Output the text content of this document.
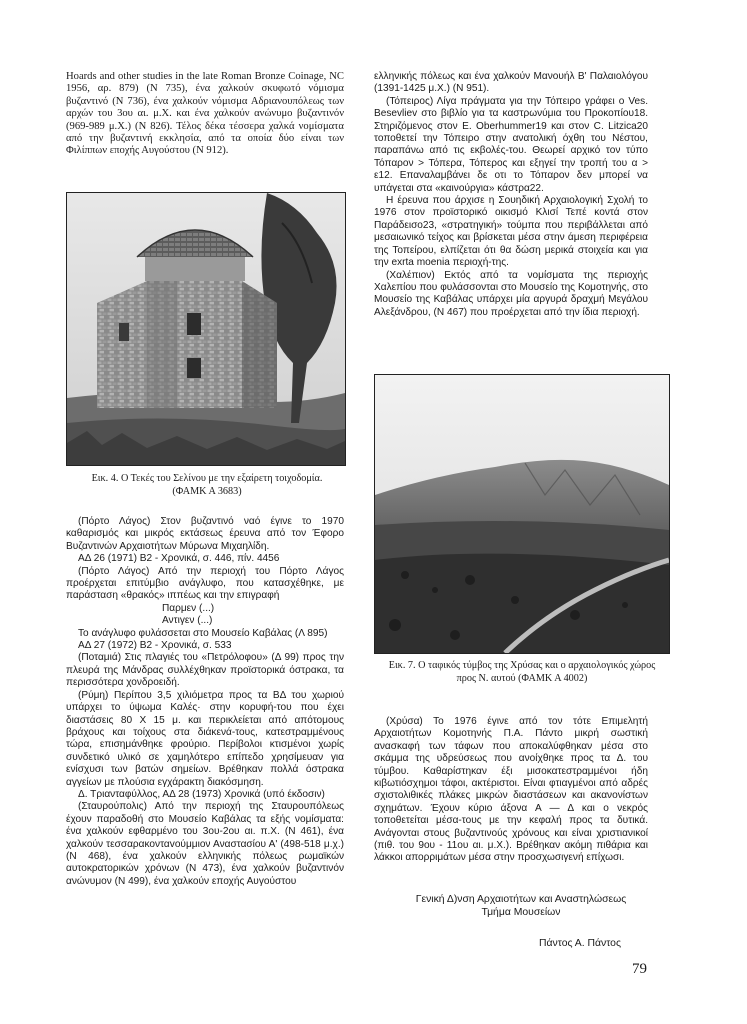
Hoards and other studies in the late Roman Bronze Coinage, NC 1956, αρ. 879) (Ν 735), ένα χαλκούν σκυφωτό νόμισμα βυζαντινό (Ν 736), ένα χαλκούν νόμισμα Αδριανουπόλεως των αρχών του 3ου αι. μ.Χ. και ένα χαλκούν ανώνυμο βυζαντινόν (969-989 μ.Χ.) (Ν 826). Τέλος δέκα τέσσερα χαλκά νομίσματα από την βυζαντινή εκκλησία, από τα οποία δύο είναι των Φιλίππων εποχής Αυγούστου (Ν 912).

Εικ. 4. Ο Τεκές του Σελίνου με την εξαίρετη τοιχοδομία. (ΦΑΜΚ Α 3683)

(Πόρτο Λάγος) Στον βυζαντινό ναό έγινε το 1970 καθαρισμός και μικρός εκτάσεως έρευνα από τον Έφορο Βυζαντινών Αρχαιοτήτων Μύρωνα Μιχαηλίδη.

ΑΔ 26 (1971) Β2 - Χρονικά, σ. 446, πίν. 4456

(Πόρτο Λάγος) Από την περιοχή του Πόρτο Λάγος προέρχεται επιτύμβιο ανάγλυφο, που κατασχέθηκε, με παράσταση «θρακός» ιππέως και την επιγραφή

Παρμεν (...)

Αντιγεν (...)

Το ανάγλυφο φυλάσσεται στο Μουσείο Καβάλας (Λ 895)

ΑΔ 27 (1972) Β2 - Χρονικά, σ. 533

(Ποταμιά) Στις πλαγιές του «Πετρόλοφου» (Δ 99) προς την πλευρά της Μάνδρας συλλέχθηκαν προϊστορικά όστρακα, τα περισσότερα χονδροειδή.

(Ρύμη) Περίπου 3,5 χιλιόμετρα προς τα ΒΔ του χωριού υπάρχει το ύψωμα Καλές· στην κορυφή-του που έχει διαστάσεις 80 Χ 15 μ. και περικλείεται από απότομους βράχους και τοίχους στα διάκενά-τους, κατεστραμμένους τώρα, επισημάνθηκε φρούριο. Περίβολοι κτισμένοι χωρίς συνδετικό υλικό σε χαμηλότερο επίπεδο χρησίμευαν για ενίσχυσι των βατών σημείων. Βρέθηκαν πολλά όστρακα αγγείων με πλούσια εγχάρακτη διακόσμηση.

Δ. Τριανταφύλλος, ΑΔ 28 (1973) Χρονικά (υπό έκδοσιν)

(Σταυρούπολις) Από την περιοχή της Σταυρουπόλεως έχουν παραδοθή στο Μουσείο Καβάλας τα εξής νομίσματα: ένα χαλκούν εφθαρμένο του 3ου-2ου αι. π.Χ. (Ν 461), ένα χαλκούν τεσσαρακονταvούμμιον Αναστασίου Α' (498-518 μ.χ.) (Ν 468), ένα χαλκούν ελληνικής πόλεως ρωμαϊκών αυτοκρατορικών χρόνων (Ν 473), ένα χαλκούν βυζαντινόν ανώνυμον (Ν 499), ένα χαλκούν εποχής Αυγούστου

ελληνικής πόλεως και ένα χαλκούν Μανουήλ Β' Παλαιολόγου (1391-1425 μ.Χ.) (Ν 951).

(Τόπειρος) Λίγα πράγματα για την Τόπειρο γράφει ο Ves. Besevliev στο βιβλίο για τα καστρωνύμια του Προκοπίου18. Στηριζόμενος στον E. Oberhummer19 και στον C. Litzica20 τοποθετεί την Τόπειρο στην ανατολική όχθη του Νέστου, παραπάνω από τις εκβολές-του. Θεωρεί αρχικό τον τύπο Τόπαρον > Τόπερα, Τόπερος και εξηγεί την τροπή του α > ε12. Επαναλαμβάνει δε οτι το Τόπαρον δεν μπορεί να υπάγεται στα «καινούργια» κάστρα22.

Η έρευνα που άρχισε η Σουηδική Αρχαιολογική Σχολή το 1976 στον προϊστορικό οικισμό Κλισί Τεπέ κοντά στον Παράδεισο23, «στρατηγική» τούμπα που περιβάλλεται από μεσαιωνικό τείχος και βρίσκεται μέσα στην άμεση περιφέρεια της Τοπείρου, ελπίζεται ότι θα δώση μερικά στοιχεία και για την exrta moenia περιοχή-της.

(Χαλέπιον) Εκτός από τα νομίσματα της περιοχής Χαλεπίου που φυλάσσονται στο Μουσείο της Κομοτηνής, στο Μουσείο της Καβάλας υπάρχει μία αργυρά δραχμή Μεγάλου Αλεξάνδρου, (Ν 467) που προέρχεται από την ίδια περιοχή.

Εικ. 7. Ο ταφικός τύμβος της Χρύσας και ο αρχαιολογικός χώρος προς Ν. αυτού (ΦΑΜΚ Α 4002)

(Χρύσα) Το 1976 έγινε από τον τότε Επιμελητή Αρχαιοτήτων Κομοτηνής Π.Α. Πάντο μικρή σωστική ανασκαφή των τάφων που αποκαλύφθηκαν μέσα στο σκάμμα της υδρεύσεως που ανοίχθηκε προς τα Δ. του τύμβου. Καθαρίστηκαν έξι μισοκατεστραμμένοι ήδη κιβωτιόσχημοι τάφοι, ακτέριστοι. Είναι φτιαγμένοι από αδρές σχιστολιθικές πλάκες μικρών διαστάσεων και ακανονίστων σχημάτων. Έχουν κύριο άξονα Α — Δ και ο νεκρός τοποθετείται μέσα-τους με την κεφαλή προς τα δυτικά. Ανάγονται στους βυζαντινούς χρόνους και είναι χριστιανικοί (πιθ. του 9ου - 11ου αι. μ.Χ.). Βρέθηκαν ακόμη πιθάρια και λάκκοι απορριμάτων μέσα στην προσχωσιγενή επίχωσι.

Γενική Δ)νση Αρχαιοτήτων και Αναστηλώσεως
Τμήμα Μουσείων
Πάντος Α. Πάντος
79
